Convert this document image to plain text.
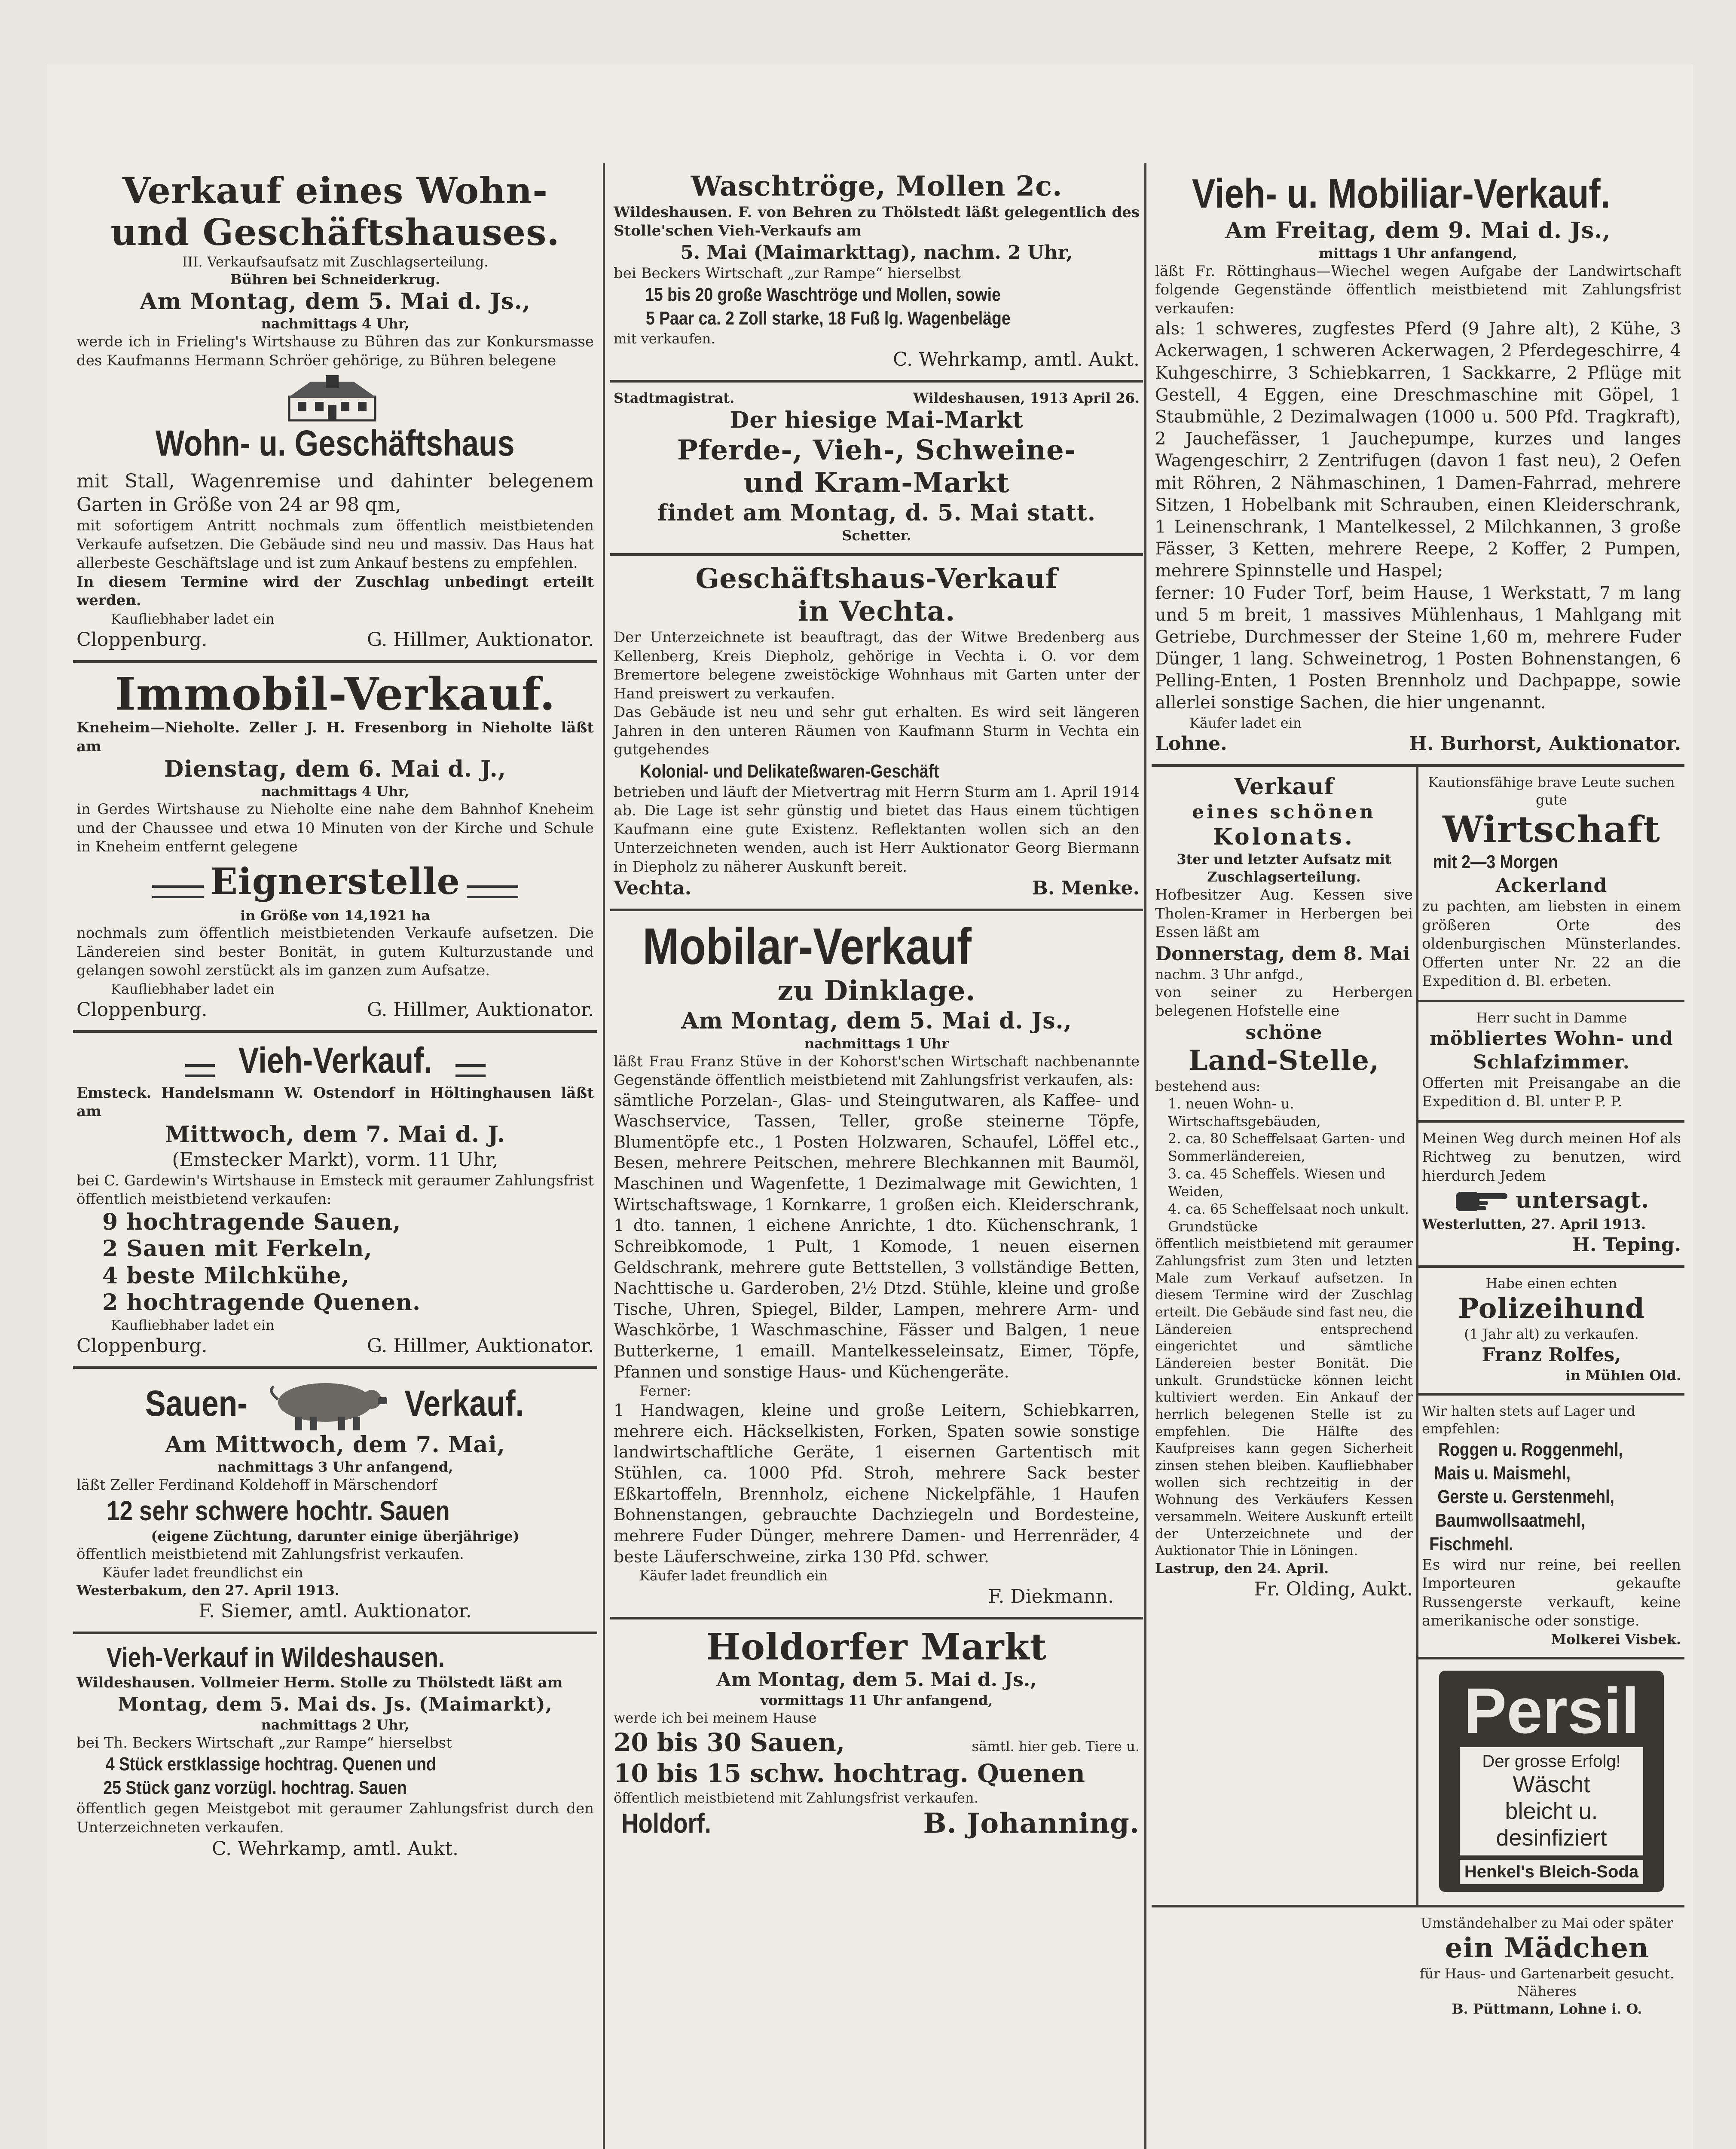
Verkauf eines Wohn- und Geschäftshauses.
III. Verkaufsaufsatz mit Zuschlagserteilung.
Bühren bei Schneiderkrug.
Am Montag, dem 5. Mai d. Js.,
nachmittags 4 Uhr,
werde ich in Frieling's Wirtshause zu Bühren das zur Konkursmasse des Kaufmanns Hermann Schröer gehörige, zu Bühren belegene
Wohn- u. Geschäftshaus
mit Stall, Wagenremise und dahinter belegenem Garten in Größe von 24 ar 98 qm,
mit sofortigem Antritt nochmals zum öffentlich meistbietenden Verkaufe aufsetzen. Die Gebäude sind neu und massiv. Das Haus hat allerbeste Geschäftslage und ist zum Ankauf bestens zu empfehlen.
In diesem Termine wird der Zuschlag unbedingt erteilt werden.
Kaufliebhaber ladet ein
Cloppenburg.	G. Hillmer, Auktionator.
Immobil-Verkauf.
Kneheim—Nieholte. Zeller J. H. Fresenborg in Nieholte läßt am
Dienstag, dem 6. Mai d. J.,
nachmittags 4 Uhr,
in Gerdes Wirtshause zu Nieholte eine nahe dem Bahnhof Kneheim und der Chaussee und etwa 10 Minuten von der Kirche und Schule in Kneheim entfernt gelegene
Eignerstelle
in Größe von 14,1921 ha
nochmals zum öffentlich meistbietenden Verkaufe aufsetzen. Die Ländereien sind bester Bonität, in gutem Kulturzustande und gelangen sowohl zerstückt als im ganzen zum Aufsatze.
Kaufliebhaber ladet ein
Cloppenburg.	G. Hillmer, Auktionator.
Vieh-Verkauf.
Emsteck. Handelsmann W. Ostendorf in Höltinghausen läßt am
Mittwoch, dem 7. Mai d. J.
(Emstecker Markt), vorm. 11 Uhr,
bei C. Gardewin's Wirtshause in Emsteck mit geraumer Zahlungsfrist öffentlich meistbietend verkaufen:
9 hochtragende Sauen,
2 Sauen mit Ferkeln,
4 beste Milchkühe,
2 hochtragende Quenen.
Kaufliebhaber ladet ein
Cloppenburg.	G. Hillmer, Auktionator.
Sauen-	Verkauf.
Am Mittwoch, dem 7. Mai,
nachmittags 3 Uhr anfangend,
läßt Zeller Ferdinand Koldehoff in Märschendorf
12 sehr schwere hochtr. Sauen
(eigene Züchtung, darunter einige überjährige)
öffentlich meistbietend mit Zahlungsfrist verkaufen.
Käufer ladet freundlichst ein
Westerbakum, den 27. April 1913.
F. Siemer, amtl. Auktionator.
Vieh-Verkauf in Wildeshausen.
Wildeshausen. Vollmeier Herm. Stolle zu Thölstedt läßt am
Montag, dem 5. Mai ds. Js. (Maimarkt),
nachmittags 2 Uhr,
bei Th. Beckers Wirtschaft „zur Rampe“ hierselbst
4 Stück erstklassige hochtrag. Quenen und 25 Stück ganz vorzügl. hochtrag. Sauen
öffentlich gegen Meistgebot mit geraumer Zahlungsfrist durch den Unterzeichneten verkaufen.
C. Wehrkamp, amtl. Aukt.
Waschtröge, Mollen 2c.
Wildeshausen. F. von Behren zu Thölstedt läßt gelegentlich des Stolle'schen Vieh-Verkaufs am
5. Mai (Maimarkttag), nachm. 2 Uhr,
bei Beckers Wirtschaft „zur Rampe“ hierselbst
15 bis 20 große Waschtröge und Mollen, sowie 5 Paar ca. 2 Zoll starke, 18 Fuß lg. Wagenbeläge
mit verkaufen.
C. Wehrkamp, amtl. Aukt.
Stadtmagistrat.	Wildeshausen, 1913 April 26.
Der hiesige Mai-Markt
Pferde-, Vieh-, Schweine-
und Kram-Markt
findet am Montag, d. 5. Mai statt.
Schetter.
Geschäftshaus-Verkauf
in Vechta.
Der Unterzeichnete ist beauftragt, das der Witwe Bredenberg aus Kellenberg, Kreis Diepholz, gehörige in Vechta i. O. vor dem Bremertore belegene zweistöckige Wohnhaus mit Garten unter der Hand preiswert zu verkaufen.
Das Gebäude ist neu und sehr gut erhalten. Es wird seit längeren Jahren in den unteren Räumen von Kaufmann Sturm in Vechta ein gutgehendes
Kolonial- und Delikateßwaren-Geschäft
betrieben und läuft der Mietvertrag mit Herrn Sturm am 1. April 1914 ab. Die Lage ist sehr günstig und bietet das Haus einem tüchtigen Kaufmann eine gute Existenz. Reflektanten wollen sich an den Unterzeichneten wenden, auch ist Herr Auktionator Georg Biermann in Diepholz zu näherer Auskunft bereit.
Vechta.	B. Menke.
Mobilar-Verkauf
zu Dinklage.
Am Montag, dem 5. Mai d. Js.,
nachmittags 1 Uhr
läßt Frau Franz Stüve in der Kohorst'schen Wirtschaft nachbenannte Gegenstände öffentlich meistbietend mit Zahlungsfrist verkaufen, als:
sämtliche Porzelan-, Glas- und Steingutwaren, als Kaffee- und Waschservice, Tassen, Teller, große steinerne Töpfe, Blumentöpfe etc., 1 Posten Holzwaren, Schaufel, Löffel etc., Besen, mehrere Peitschen, mehrere Blechkannen mit Baumöl, Maschinen und Wagenfette, 1 Dezimalwage mit Gewichten, 1 Wirtschaftswage, 1 Kornkarre, 1 großen eich. Kleiderschrank, 1 dto. tannen, 1 eichene Anrichte, 1 dto. Küchenschrank, 1 Schreibkomode, 1 Pult, 1 Komode, 1 neuen eisernen Geldschrank, mehrere gute Bettstellen, 3 vollständige Betten, Nachttische u. Garderoben, 2½ Dtzd. Stühle, kleine und große Tische, Uhren, Spiegel, Bilder, Lampen, mehrere Arm- und Waschkörbe, 1 Waschmaschine, Fässer und Balgen, 1 neue Butterkerne, 1 emaill. Mantelkesseleinsatz, Eimer, Töpfe, Pfannen und sonstige Haus- und Küchengeräte.
Ferner:
1 Handwagen, kleine und große Leitern, Schiebkarren, mehrere eich. Häckselkisten, Forken, Spaten sowie sonstige landwirtschaftliche Geräte, 1 eisernen Gartentisch mit Stühlen, ca. 1000 Pfd. Stroh, mehrere Sack bester Eßkartoffeln, Brennholz, eichene Nickelpfähle, 1 Haufen Bohnenstangen, gebrauchte Dachziegeln und Bordesteine, mehrere Fuder Dünger, mehrere Damen- und Herrenräder, 4 beste Läuferschweine, zirka 130 Pfd. schwer.
Käufer ladet freundlich ein
F. Diekmann.
Holdorfer Markt
Am Montag, dem 5. Mai d. Js.,
vormittags 11 Uhr anfangend,
werde ich bei meinem Hause
20 bis 30 Sauen,	sämtl. hier geb. Tiere u.
10 bis 15 schw. hochtrag. Quenen
öffentlich meistbietend mit Zahlungsfrist verkaufen.
Holdorf.	B. Johanning.
Vieh- u. Mobiliar-Verkauf.
Am Freitag, dem 9. Mai d. Js.,
mittags 1 Uhr anfangend,
läßt Fr. Röttinghaus—Wiechel wegen Aufgabe der Landwirtschaft folgende Gegenstände öffentlich meistbietend mit Zahlungsfrist verkaufen:
als: 1 schweres, zugfestes Pferd (9 Jahre alt), 2 Kühe, 3 Ackerwagen, 1 schweren Ackerwagen, 2 Pferdegeschirre, 4 Kuhgeschirre, 3 Schiebkarren, 1 Sackkarre, 2 Pflüge mit Gestell, 4 Eggen, eine Dreschmaschine mit Göpel, 1 Staubmühle, 2 Dezimalwagen (1000 u. 500 Pfd. Tragkraft), 2 Jauchefässer, 1 Jauchepumpe, kurzes und langes Wagengeschirr, 2 Zentrifugen (davon 1 fast neu), 2 Oefen mit Röhren, 2 Nähmaschinen, 1 Damen-Fahrrad, mehrere Sitzen, 1 Hobelbank mit Schrauben, einen Kleiderschrank, 1 Leinenschrank, 1 Mantelkessel, 2 Milchkannen, 3 große Fässer, 3 Ketten, mehrere Reepe, 2 Koffer, 2 Pumpen, mehrere Spinnstelle und Haspel;
ferner: 10 Fuder Torf, beim Hause, 1 Werkstatt, 7 m lang und 5 m breit, 1 massives Mühlenhaus, 1 Mahlgang mit Getriebe, Durchmesser der Steine 1,60 m, mehrere Fuder Dünger, 1 lang. Schweinetrog, 1 Posten Bohnenstangen, 6 Pelling-Enten, 1 Posten Brennholz und Dachpappe, sowie allerlei sonstige Sachen, die hier ungenannt.
Käufer ladet ein
Lohne.	H. Burhorst, Auktionator.
Verkauf
eines schönen
Kolonats.
3ter und letzter Aufsatz mit Zuschlagserteilung.
Hofbesitzer Aug. Kessen sive Tholen-Kramer in Herbergen bei Essen läßt am
Donnerstag, dem 8. Mai
nachm. 3 Uhr anfgd.,
von seiner zu Herbergen belegenen Hofstelle eine
schöne
Land-Stelle,
bestehend aus:
1. neuen Wohn- u. Wirtschaftsgebäuden,
2. ca. 80 Scheffelsaat Garten- und Sommerländereien,
3. ca. 45 Scheffels. Wiesen und Weiden,
4. ca. 65 Scheffelsaat noch unkult. Grundstücke
öffentlich meistbietend mit geraumer Zahlungsfrist zum 3ten und letzten Male zum Verkauf aufsetzen. In diesem Termine wird der Zuschlag erteilt. Die Gebäude sind fast neu, die Ländereien entsprechend eingerichtet und sämtliche Ländereien bester Bonität. Die unkult. Grundstücke können leicht kultiviert werden. Ein Ankauf der herrlich belegenen Stelle ist zu empfehlen. Die Hälfte des Kaufpreises kann gegen Sicherheit zinsen stehen bleiben. Kaufliebhaber wollen sich rechtzeitig in der Wohnung des Verkäufers Kessen versammeln. Weitere Auskunft erteilt der Unterzeichnete und der Auktionator Thie in Löningen.
Lastrup, den 24. April.
Fr. Olding, Aukt.
Kautionsfähige brave Leute suchen gute
Wirtschaft
mit 2—3 Morgen
Ackerland
zu pachten, am liebsten in einem größeren Orte des oldenburgischen Münsterlandes. Offerten unter Nr. 22 an die Expedition d. Bl. erbeten.
Herr sucht in Damme
möbliertes Wohn- und Schlafzimmer.
Offerten mit Preisangabe an die Expedition d. Bl. unter P. P.
Meinen Weg durch meinen Hof als Richtweg zu benutzen, wird hierdurch Jedem
untersagt.
Westerlutten, 27. April 1913.
H. Teping.
Habe einen echten
Polizeihund
(1 Jahr alt) zu verkaufen.
Franz Rolfes,
in Mühlen Old.
Wir halten stets auf Lager und empfehlen:
Roggen u. Roggenmehl, Mais u. Maismehl, Gerste u. Gerstenmehl, Baumwollsaatmehl, Fischmehl.
Es wird nur reine, bei reellen Importeuren gekaufte Russengerste verkauft, keine amerikanische oder sonstige.
Molkerei Visbek.
Persil
Der grosse Erfolg!
Wäscht
bleicht u.
desinfiziert
Henkel's Bleich-Soda
Umständehalber zu Mai oder später
ein Mädchen
für Haus- und Gartenarbeit gesucht. Näheres
B. Püttmann, Lohne i. O.
